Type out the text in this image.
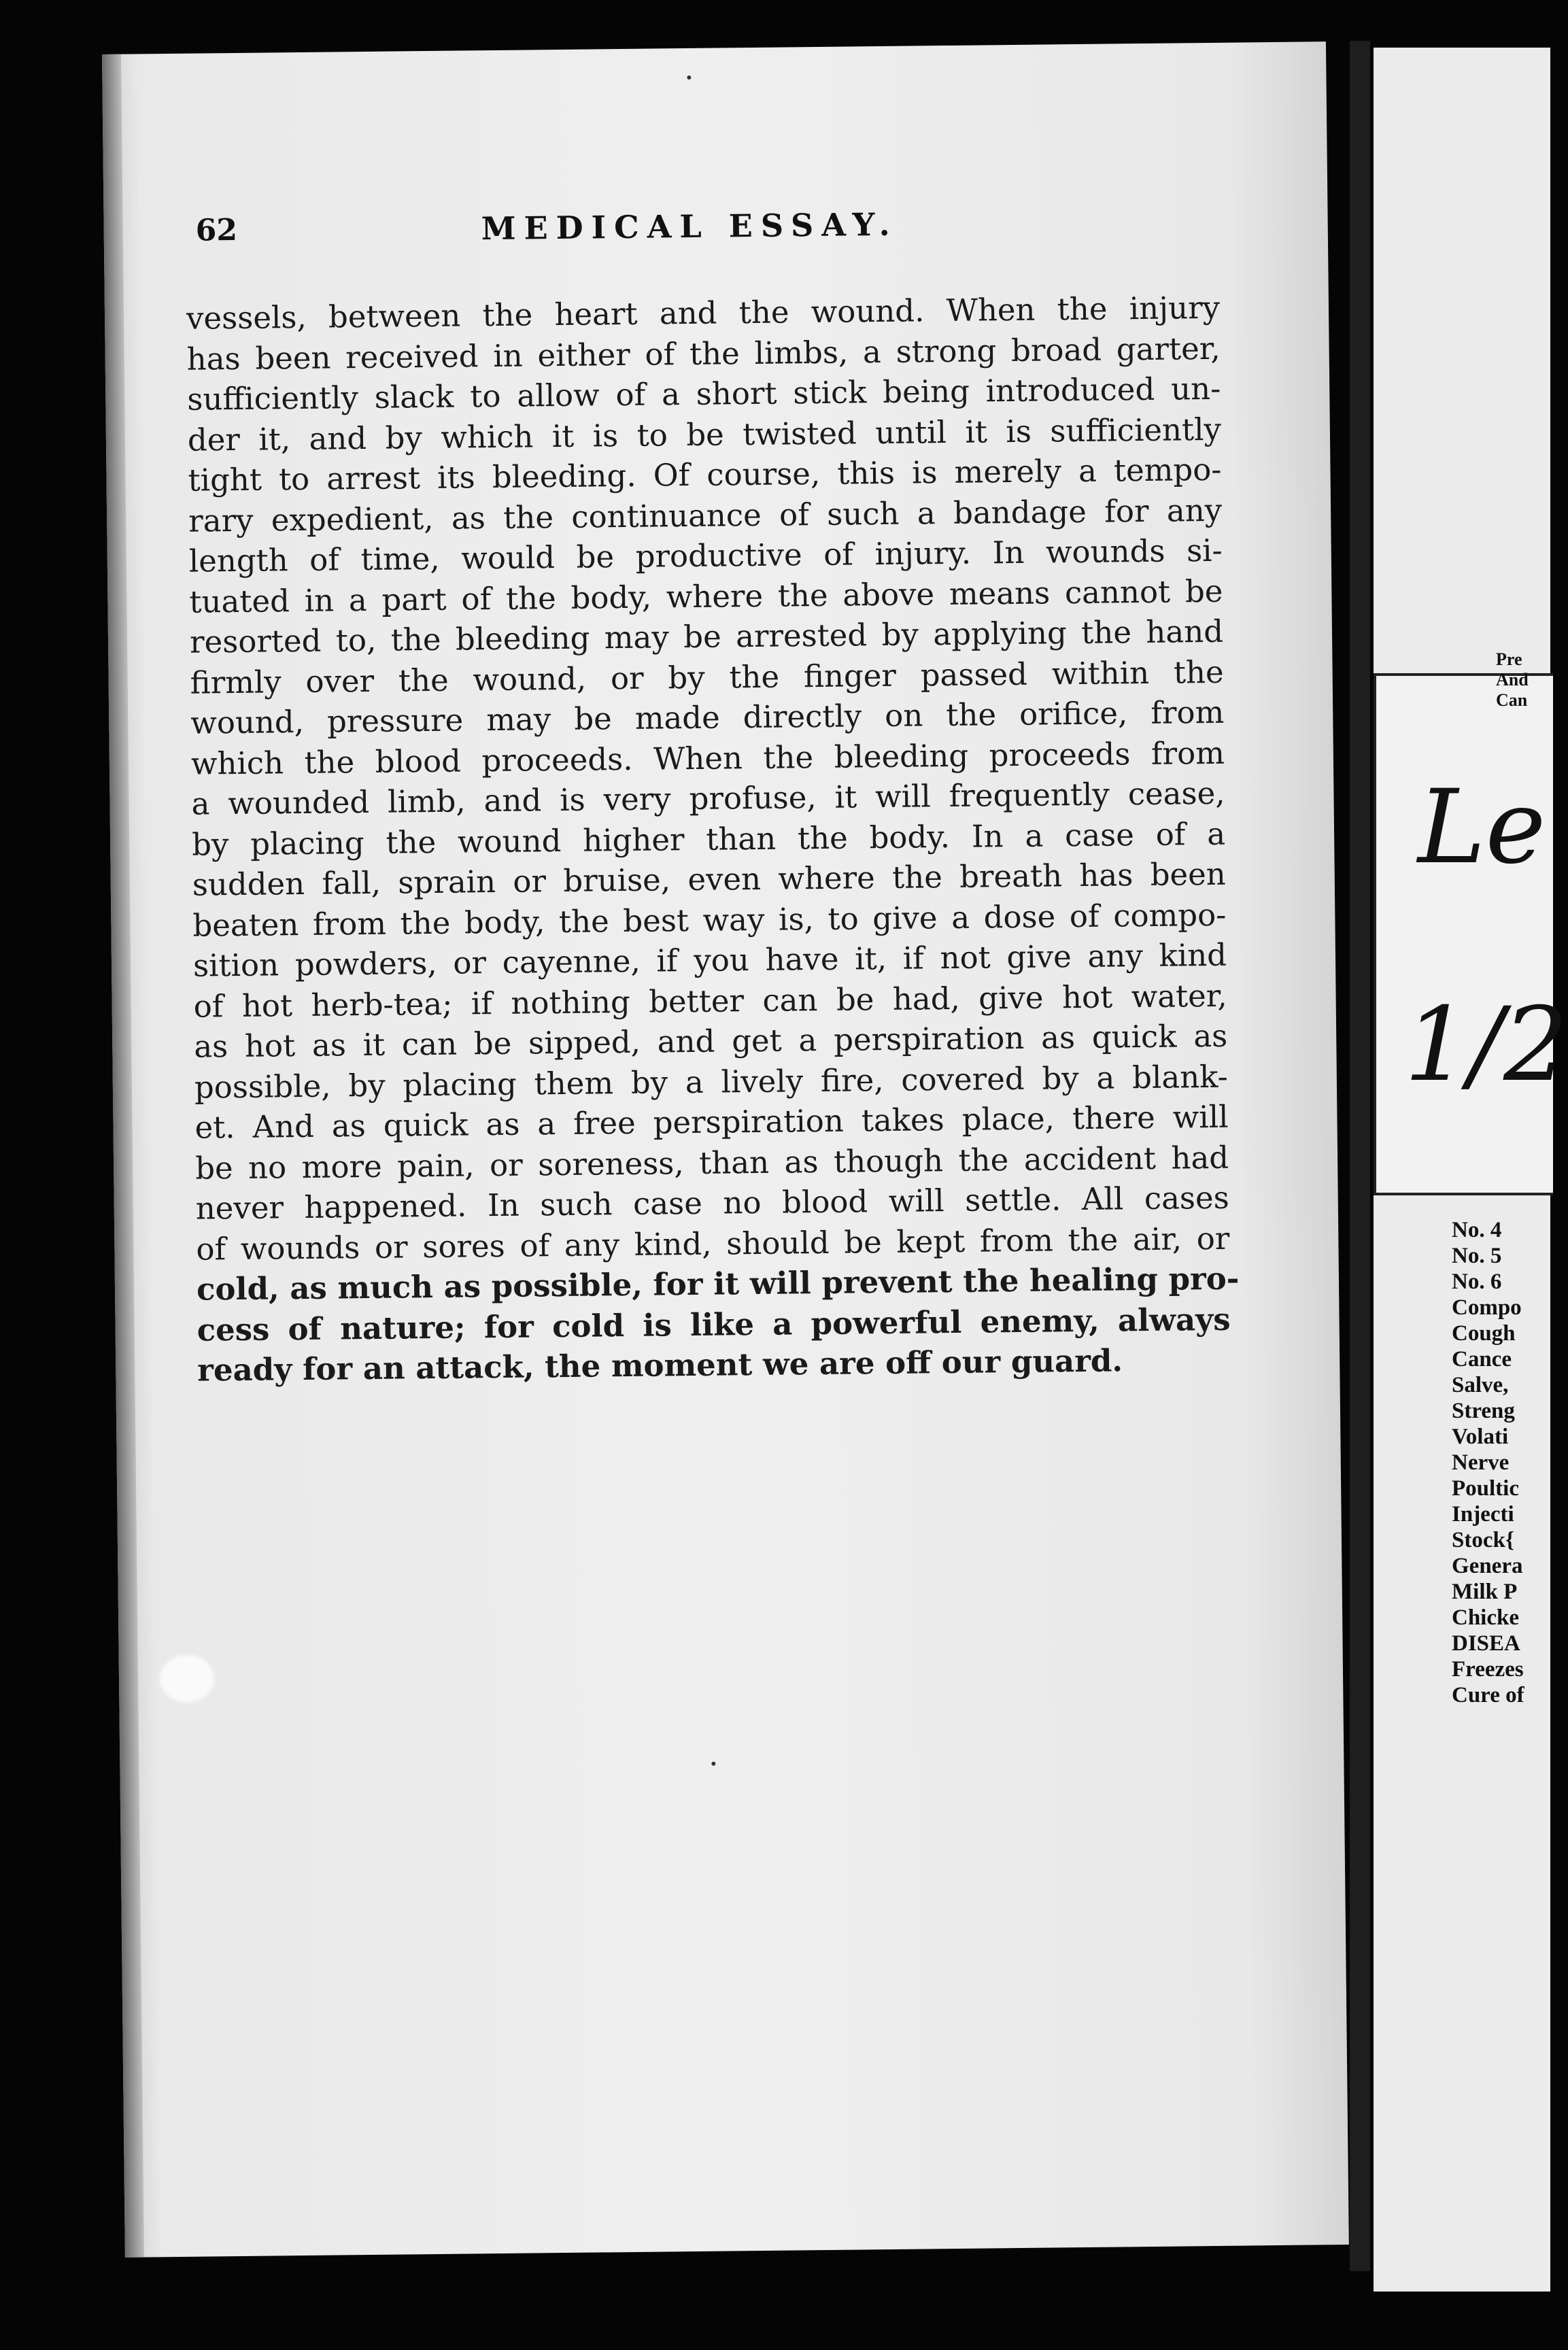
62	MEDICAL ESSAY.
vessels, between the heart and the wound. When the injury
has been received in either of the limbs, a strong broad garter,
sufficiently slack to allow of a short stick being introduced un-
der it, and by which it is to be twisted until it is sufficiently
tight to arrest its bleeding. Of course, this is merely a tempo-
rary expedient, as the continuance of such a bandage for any
length of time, would be productive of injury. In wounds si-
tuated in a part of the body, where the above means cannot be
resorted to, the bleeding may be arrested by applying the hand
firmly over the wound, or by the finger passed within the
wound, pressure may be made directly on the orifice, from
which the blood proceeds. When the bleeding proceeds from
a wounded limb, and is very profuse, it will frequently cease,
by placing the wound higher than the body. In a case of a
sudden fall, sprain or bruise, even where the breath has been
beaten from the body, the best way is, to give a dose of compo-
sition powders, or cayenne, if you have it, if not give any kind
of hot herb-tea; if nothing better can be had, give hot water,
as hot as it can be sipped, and get a perspiration as quick as
possible, by placing them by a lively fire, covered by a blank-
et. And as quick as a free perspiration takes place, there will
be no more pain, or soreness, than as though the accident had
never happened. In such case no blood will settle. All cases
of wounds or sores of any kind, should be kept from the air, or
cold, as much as possible, for it will prevent the healing pro-
cess of nature; for cold is like a powerful enemy, always
ready for an attack, the moment we are off our guard.
Pre
And
Can
Le
1/2
No. 4
No. 5
No. 6
Compo
Cough
Cance
Salve,
Streng
Volati
Nerve
Poultic
Injecti
Stock{
Genera
Milk P
Chicke
DISEA
Freezes
Cure of
